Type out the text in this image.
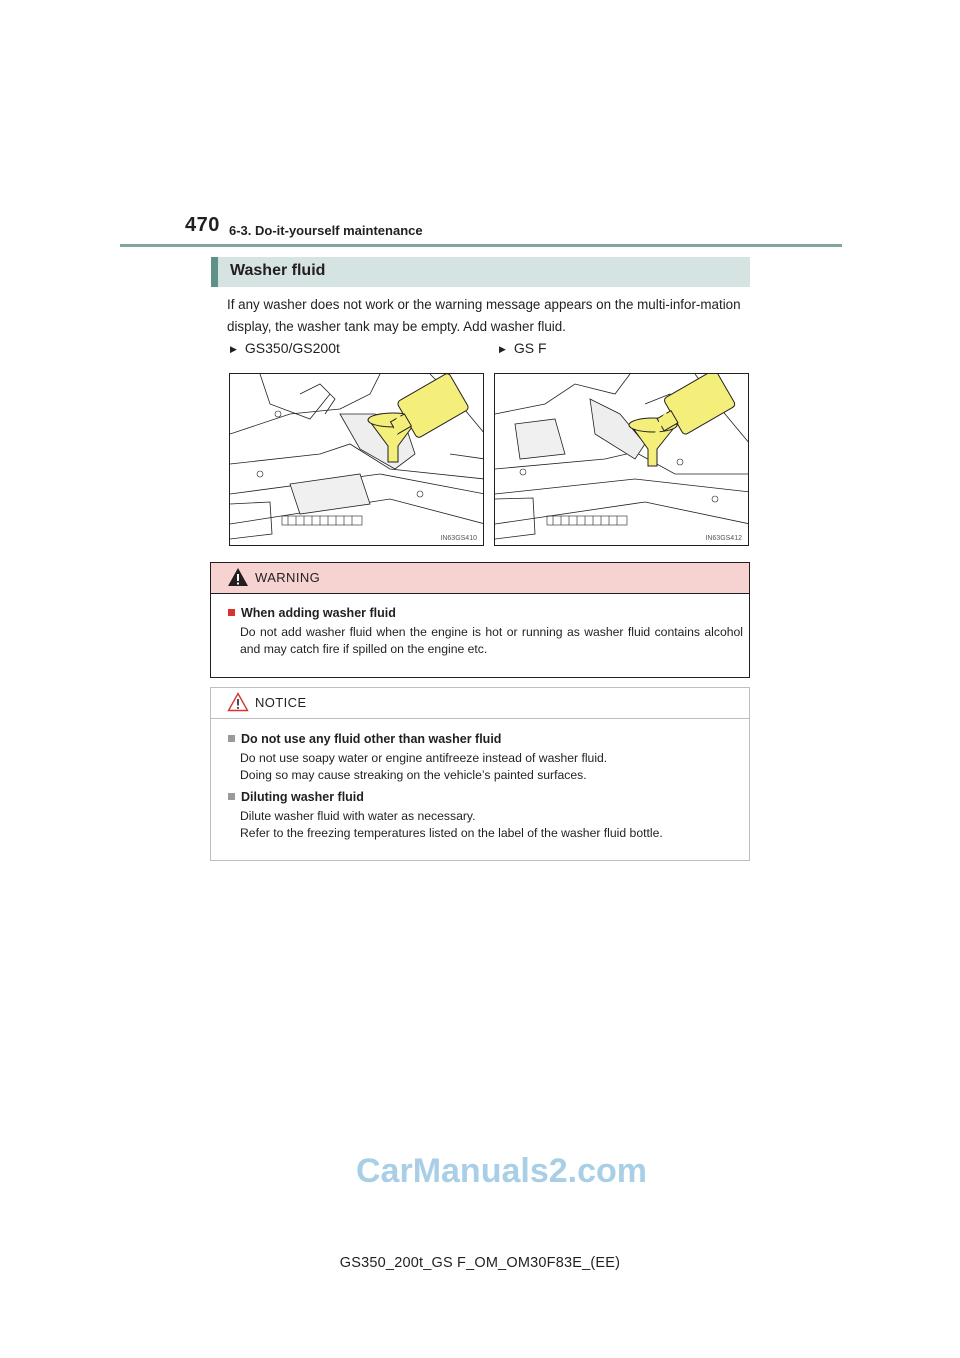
470 6-3. Do-it-yourself maintenance
Washer fluid
If any washer does not work or the warning message appears on the multi-infor-mation display, the washer tank may be empty. Add washer fluid.
▶ GS350/GS200t	▶ GS F
IN63GS410	IN63GS412
WARNING
When adding washer fluid

Do not add washer fluid when the engine is hot or running as washer fluid contains alcohol and may catch fire if spilled on the engine etc.

NOTICE
Do not use any fluid other than washer fluid

Do not use soapy water or engine antifreeze instead of washer fluid.

Doing so may cause streaking on the vehicle’s painted surfaces.

Diluting washer fluid

Dilute washer fluid with water as necessary.

Refer to the freezing temperatures listed on the label of the washer fluid bottle.

CarManuals2.com
GS350_200t_GS F_OM_OM30F83E_(EE)
